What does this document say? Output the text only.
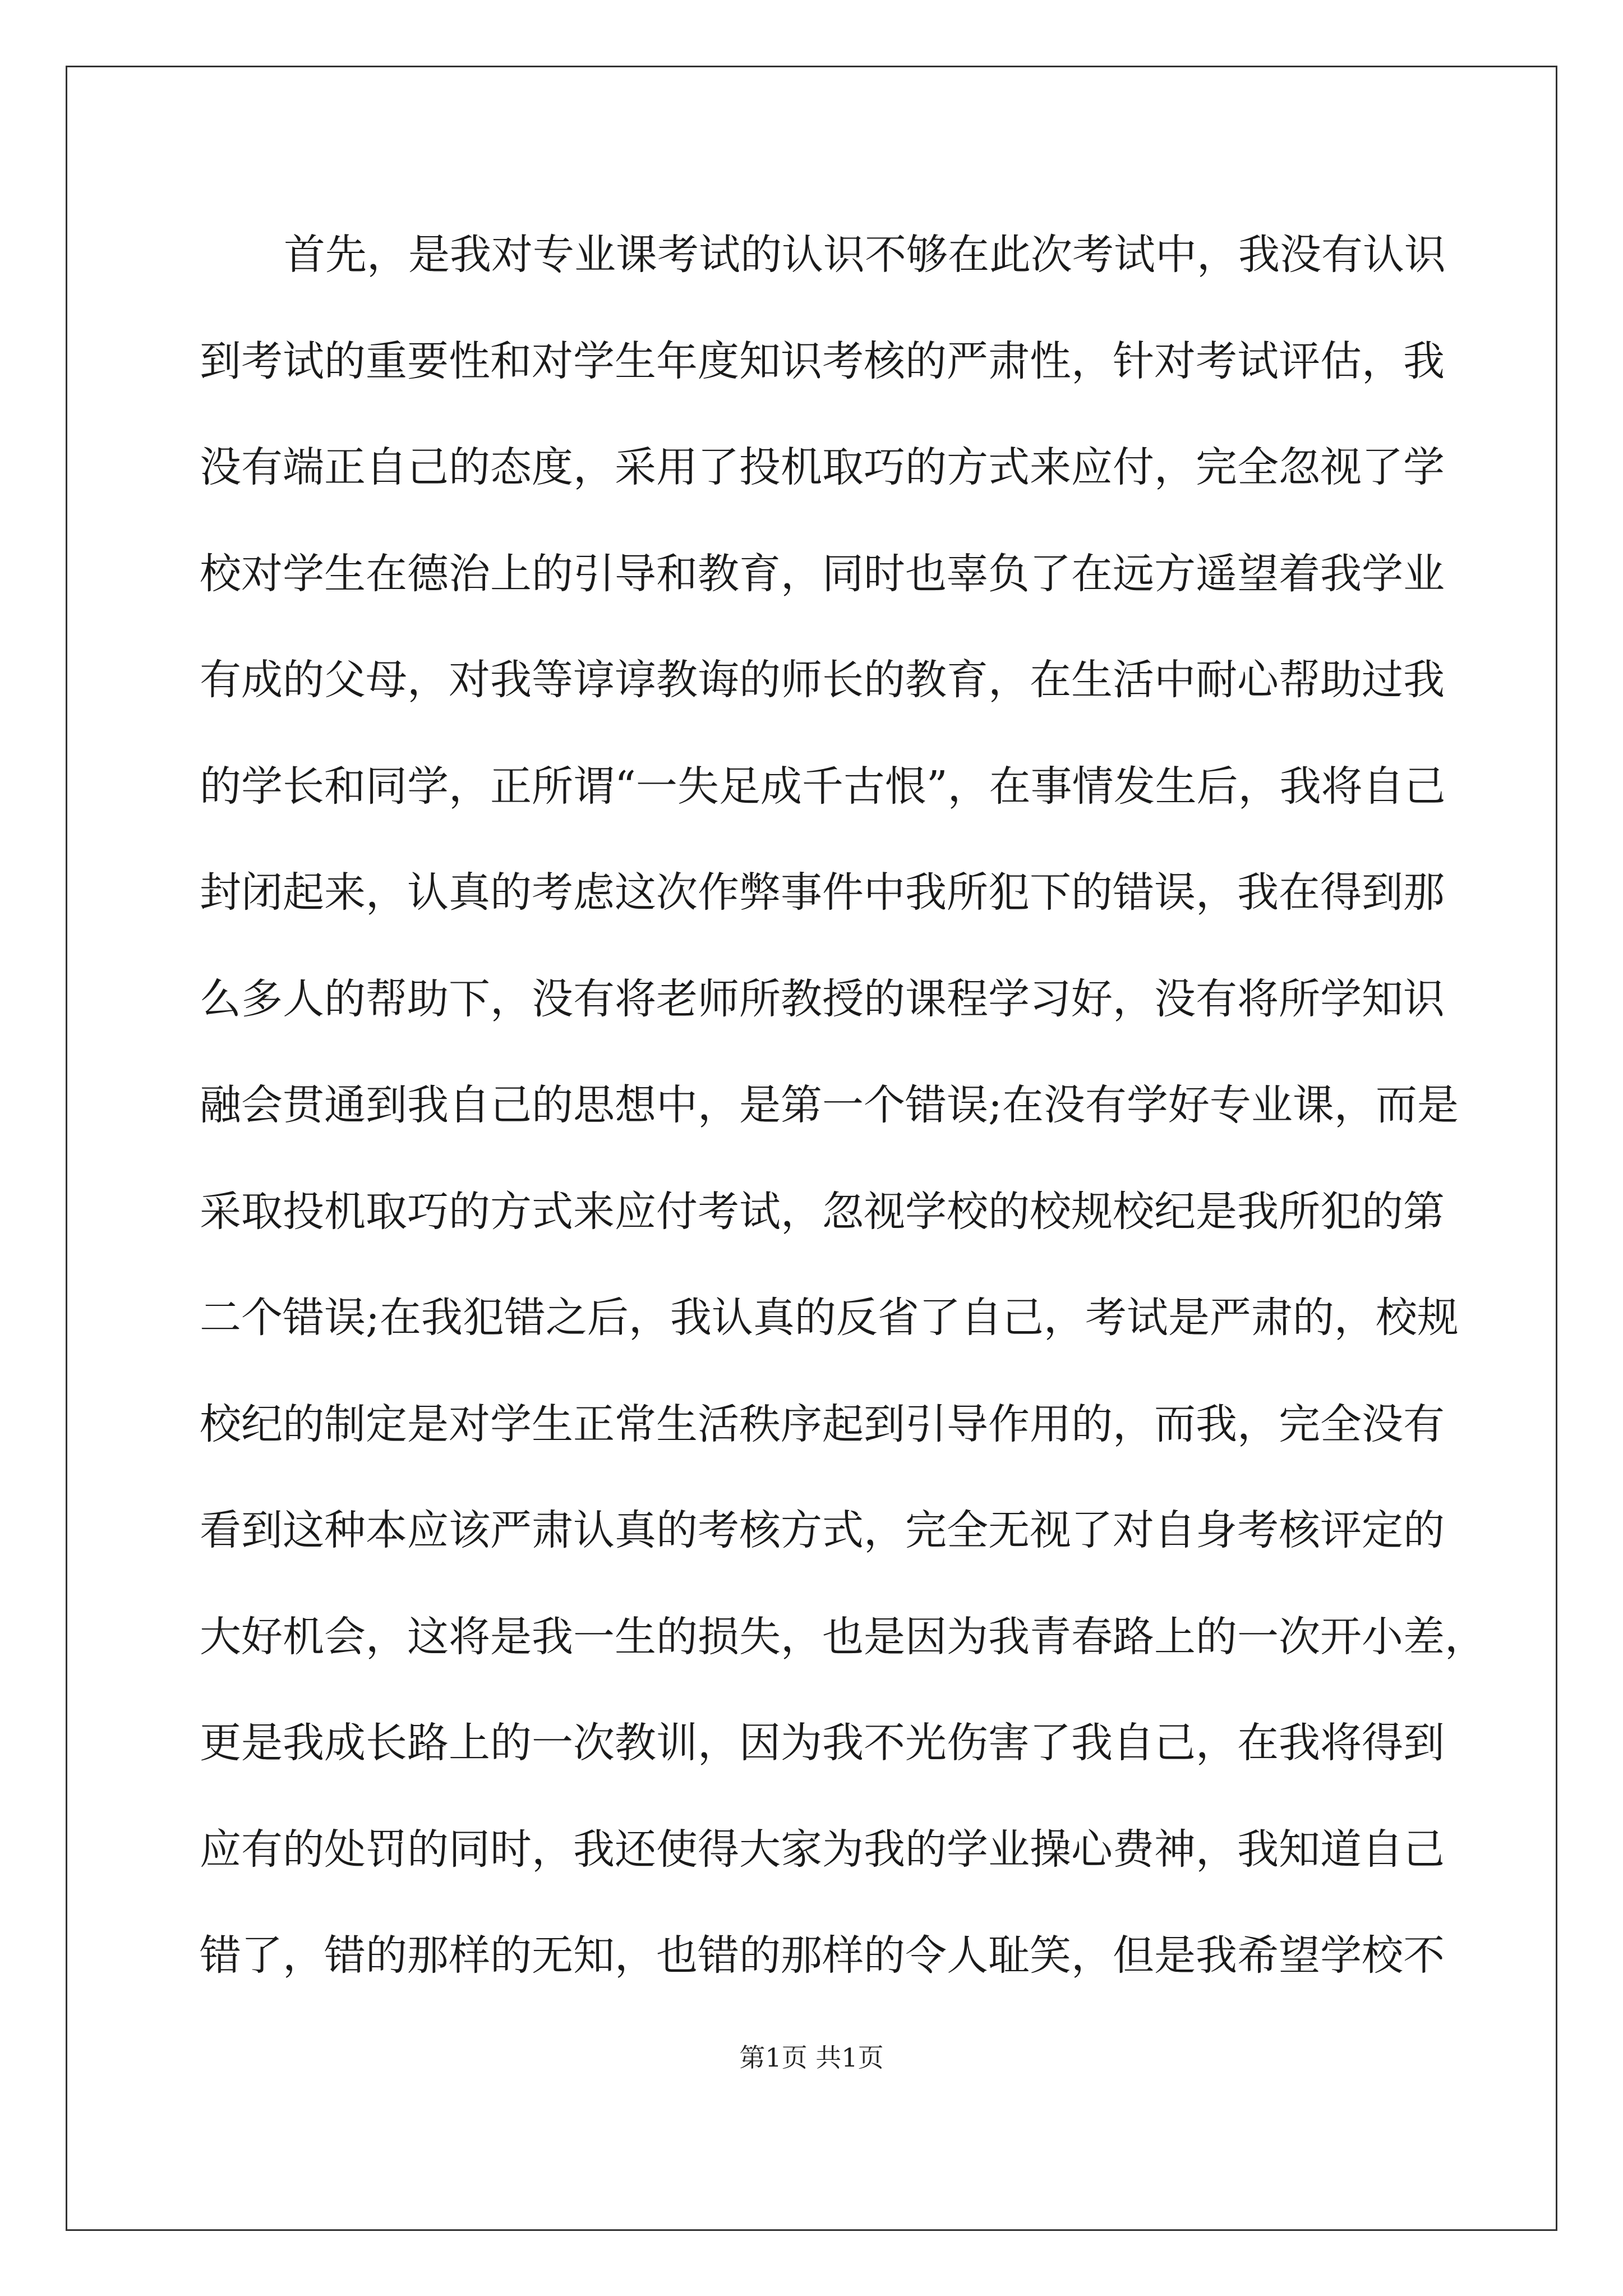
首先，是我对专业课考试的认识不够在此次考试中，我没有认识
到考试的重要性和对学生年度知识考核的严肃性，针对考试评估，我
没有端正自己的态度，采用了投机取巧的方式来应付，完全忽视了学
校对学生在德治上的引导和教育，同时也辜负了在远方遥望着我学业
有成的父母，对我等谆谆教诲的师长的教育，在生活中耐心帮助过我
的学长和同学，正所谓“一失足成千古恨”，在事情发生后，我将自己
封闭起来，认真的考虑这次作弊事件中我所犯下的错误，我在得到那
么多人的帮助下，没有将老师所教授的课程学习好，没有将所学知识
融会贯通到我自己的思想中，是第一个错误;在没有学好专业课，而是
采取投机取巧的方式来应付考试，忽视学校的校规校纪是我所犯的第
二个错误;在我犯错之后，我认真的反省了自己，考试是严肃的，校规
校纪的制定是对学生正常生活秩序起到引导作用的，而我，完全没有
看到这种本应该严肃认真的考核方式，完全无视了对自身考核评定的
大好机会，这将是我一生的损失，也是因为我青春路上的一次开小差，
更是我成长路上的一次教训，因为我不光伤害了我自己，在我将得到
应有的处罚的同时，我还使得大家为我的学业操心费神，我知道自己
错了，错的那样的无知，也错的那样的令人耻笑，但是我希望学校不
第1页 共1页
